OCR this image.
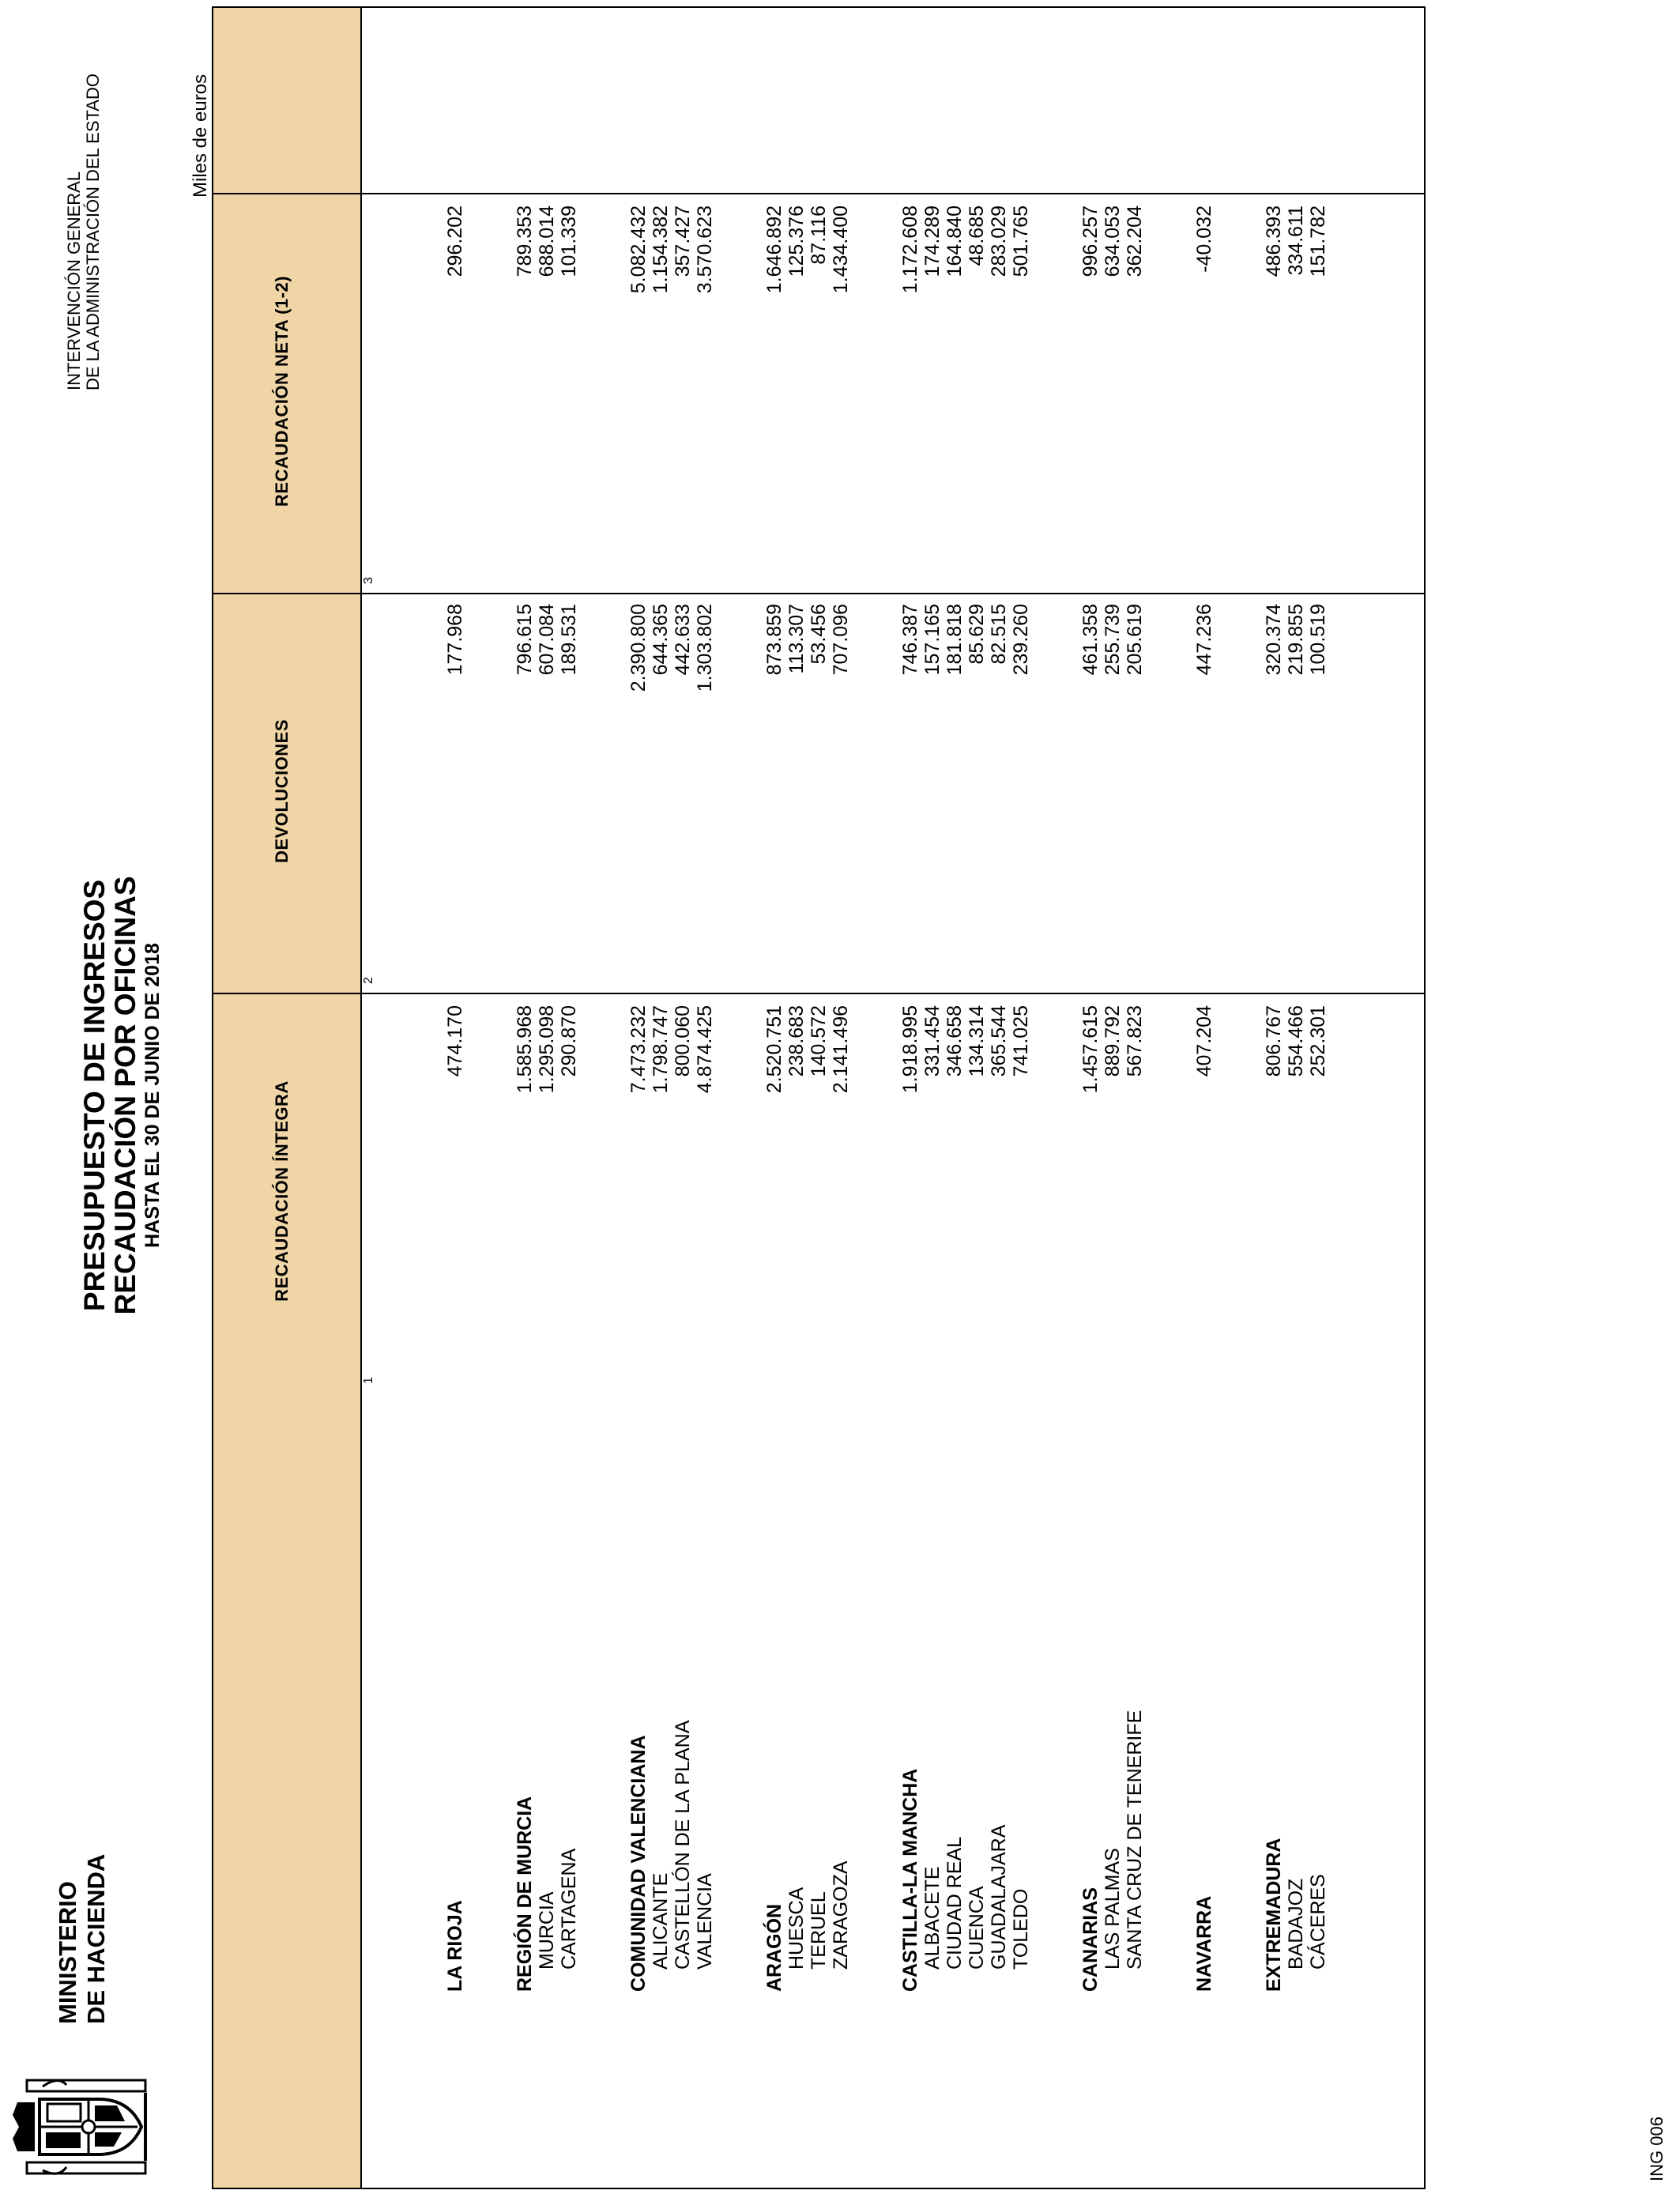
MINISTERIO DE HACIENDA
PRESUPUESTO DE INGRESOS
RECAUDACIÓN POR OFICINAS HASTA EL 30 DE JUNIO DE 2018
INTERVENCIÓN GENERAL DE LA ADMINISTRACIÓN DEL ESTADO	Miles de euros
RECAUDACIÓN ÍNTEGRA
DEVOLUCIONES
RECAUDACIÓN NETA (1-2)
1
2
3
LA RIOJA
474.170
177.968
296.202
REGIÓN DE MURCIA
1.585.968
796.615
789.353
MURCIA
1.295.098
607.084
688.014
CARTAGENA
290.870
189.531
101.339
COMUNIDAD VALENCIANA
7.473.232
2.390.800
5.082.432
ALICANTE
1.798.747
644.365
1.154.382
CASTELLÓN DE LA PLANA
800.060
442.633
357.427
VALENCIA
4.874.425
1.303.802
3.570.623
ARAGÓN
2.520.751
873.859
1.646.892
HUESCA
238.683
113.307
125.376
TERUEL
140.572
53.456
87.116
ZARAGOZA
2.141.496
707.096
1.434.400
CASTILLA-LA MANCHA
1.918.995
746.387
1.172.608
ALBACETE
331.454
157.165
174.289
CIUDAD REAL
346.658
181.818
164.840
CUENCA
134.314
85.629
48.685
GUADALAJARA
365.544
82.515
283.029
TOLEDO
741.025
239.260
501.765
CANARIAS
1.457.615
461.358
996.257
LAS PALMAS
889.792
255.739
634.053
SANTA CRUZ DE TENERIFE
567.823
205.619
362.204
NAVARRA
407.204
447.236
-40.032
EXTREMADURA
806.767
320.374
486.393
BADAJOZ
554.466
219.855
334.611
CÁCERES
252.301
100.519
151.782
ING 006
